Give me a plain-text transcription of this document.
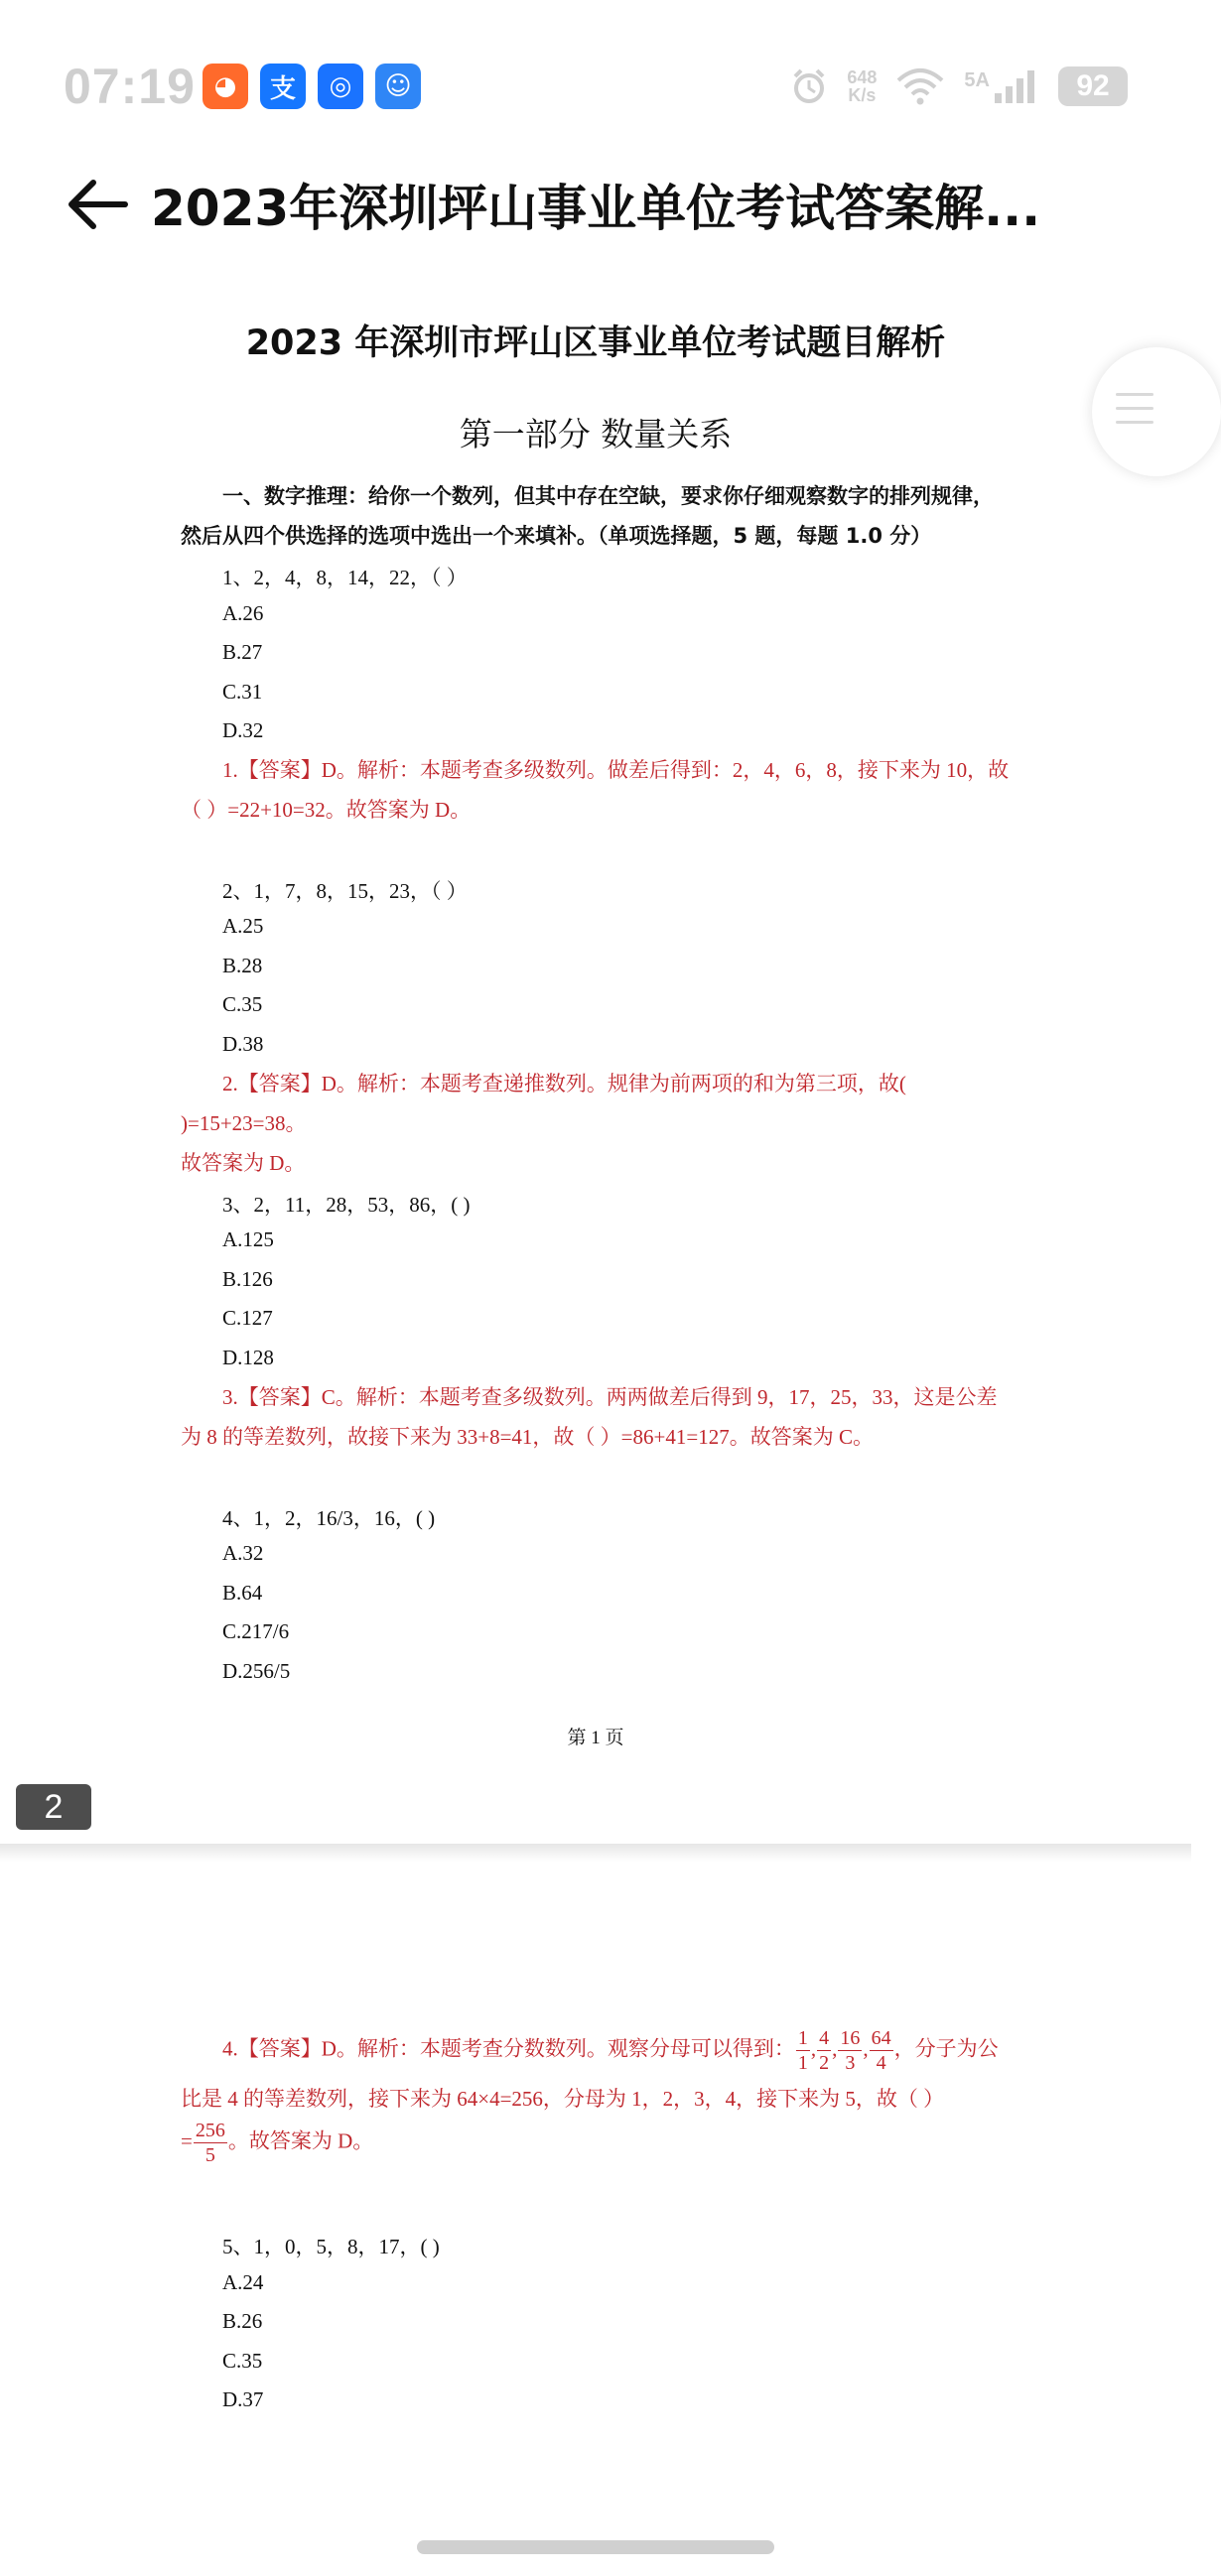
07:19 ◕	支	◎	☺	648
K/s
5A	92
2023年深圳坪山事业单位考试答案解...
2023 年深圳市坪山区事业单位考试题目解析
第一部分 数量关系
一、数字推理：给你一个数列，但其中存在空缺，要求你仔细观察数字的排列规律，
然后从四个供选择的选项中选出一个来填补。（单项选择题，5 题，每题 1.0 分）
1、2，4，8，14，22，（ ）
A.26
B.27
C.31
D.32
1.【答案】D。解析：本题考查多级数列。做差后得到：2，4，6，8，接下来为 10，故
（ ）=22+10=32。故答案为 D。
2、1，7，8，15，23，（ ）
A.25
B.28
C.35
D.38
2.【答案】D。解析：本题考查递推数列。规律为前两项的和为第三项，故( )=15+23=38。
故答案为 D。
3、2，11，28，53，86，( )
A.125
B.126
C.127
D.128
3.【答案】C。解析：本题考查多级数列。两两做差后得到 9，17，25，33，这是公差
为 8 的等差数列，故接下来为 33+8=41，故（ ）=86+41=127。故答案为 C。
4、1，2，16/3，16，( )
A.32
B.64
C.217/6
D.256/5
第 1 页
2
4.【答案】D。解析：本题考查分数数列。观察分母可以得到： $\frac{1}{1}$ , $\frac{4}{2}$ , $\frac{16}{3}$ , $\frac{64}{4}$ ，分子为公
比是 4 的等差数列，接下来为 64×4=256，分母为 1，2，3，4，接下来为 5，故（ ）
= $\frac{256}{5}$ 。故答案为 D。
5、1，0，5，8，17，( )
A.24
B.26
C.35
D.37
